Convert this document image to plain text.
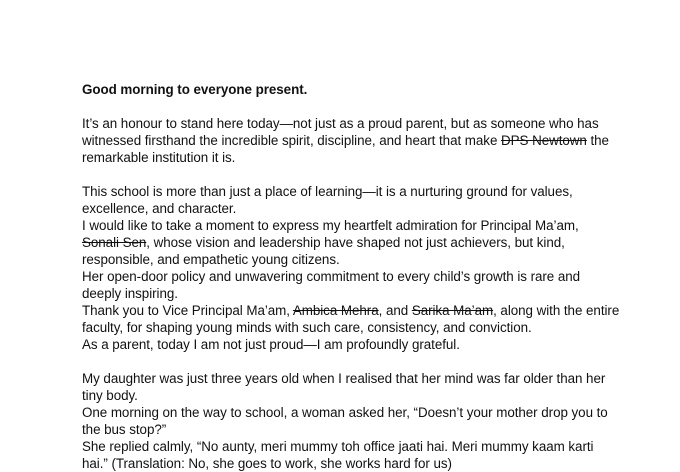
Good morning to everyone present.

It’s an honour to stand here today—not just as a proud parent, but as someone who has
witnessed firsthand the incredible spirit, discipline, and heart that make DPS Newtown the
remarkable institution it is.
This school is more than just a place of learning—it is a nurturing ground for values,
excellence, and character.
I would like to take a moment to express my heartfelt admiration for Principal Ma’am,
Sonali Sen, whose vision and leadership have shaped not just achievers, but kind,
responsible, and empathetic young citizens.
Her open-door policy and unwavering commitment to every child’s growth is rare and
deeply inspiring.
Thank you to Vice Principal Ma’am, Ambica Mehra, and Sarika Ma’am, along with the entire
faculty, for shaping young minds with such care, consistency, and conviction.
As a parent, today I am not just proud—I am profoundly grateful.
My daughter was just three years old when I realised that her mind was far older than her
tiny body.
One morning on the way to school, a woman asked her, “Doesn’t your mother drop you to
the bus stop?”
She replied calmly, “No aunty, meri mummy toh office jaati hai. Meri mummy kaam karti
hai.” (Translation: No, she goes to work, she works hard for us)
